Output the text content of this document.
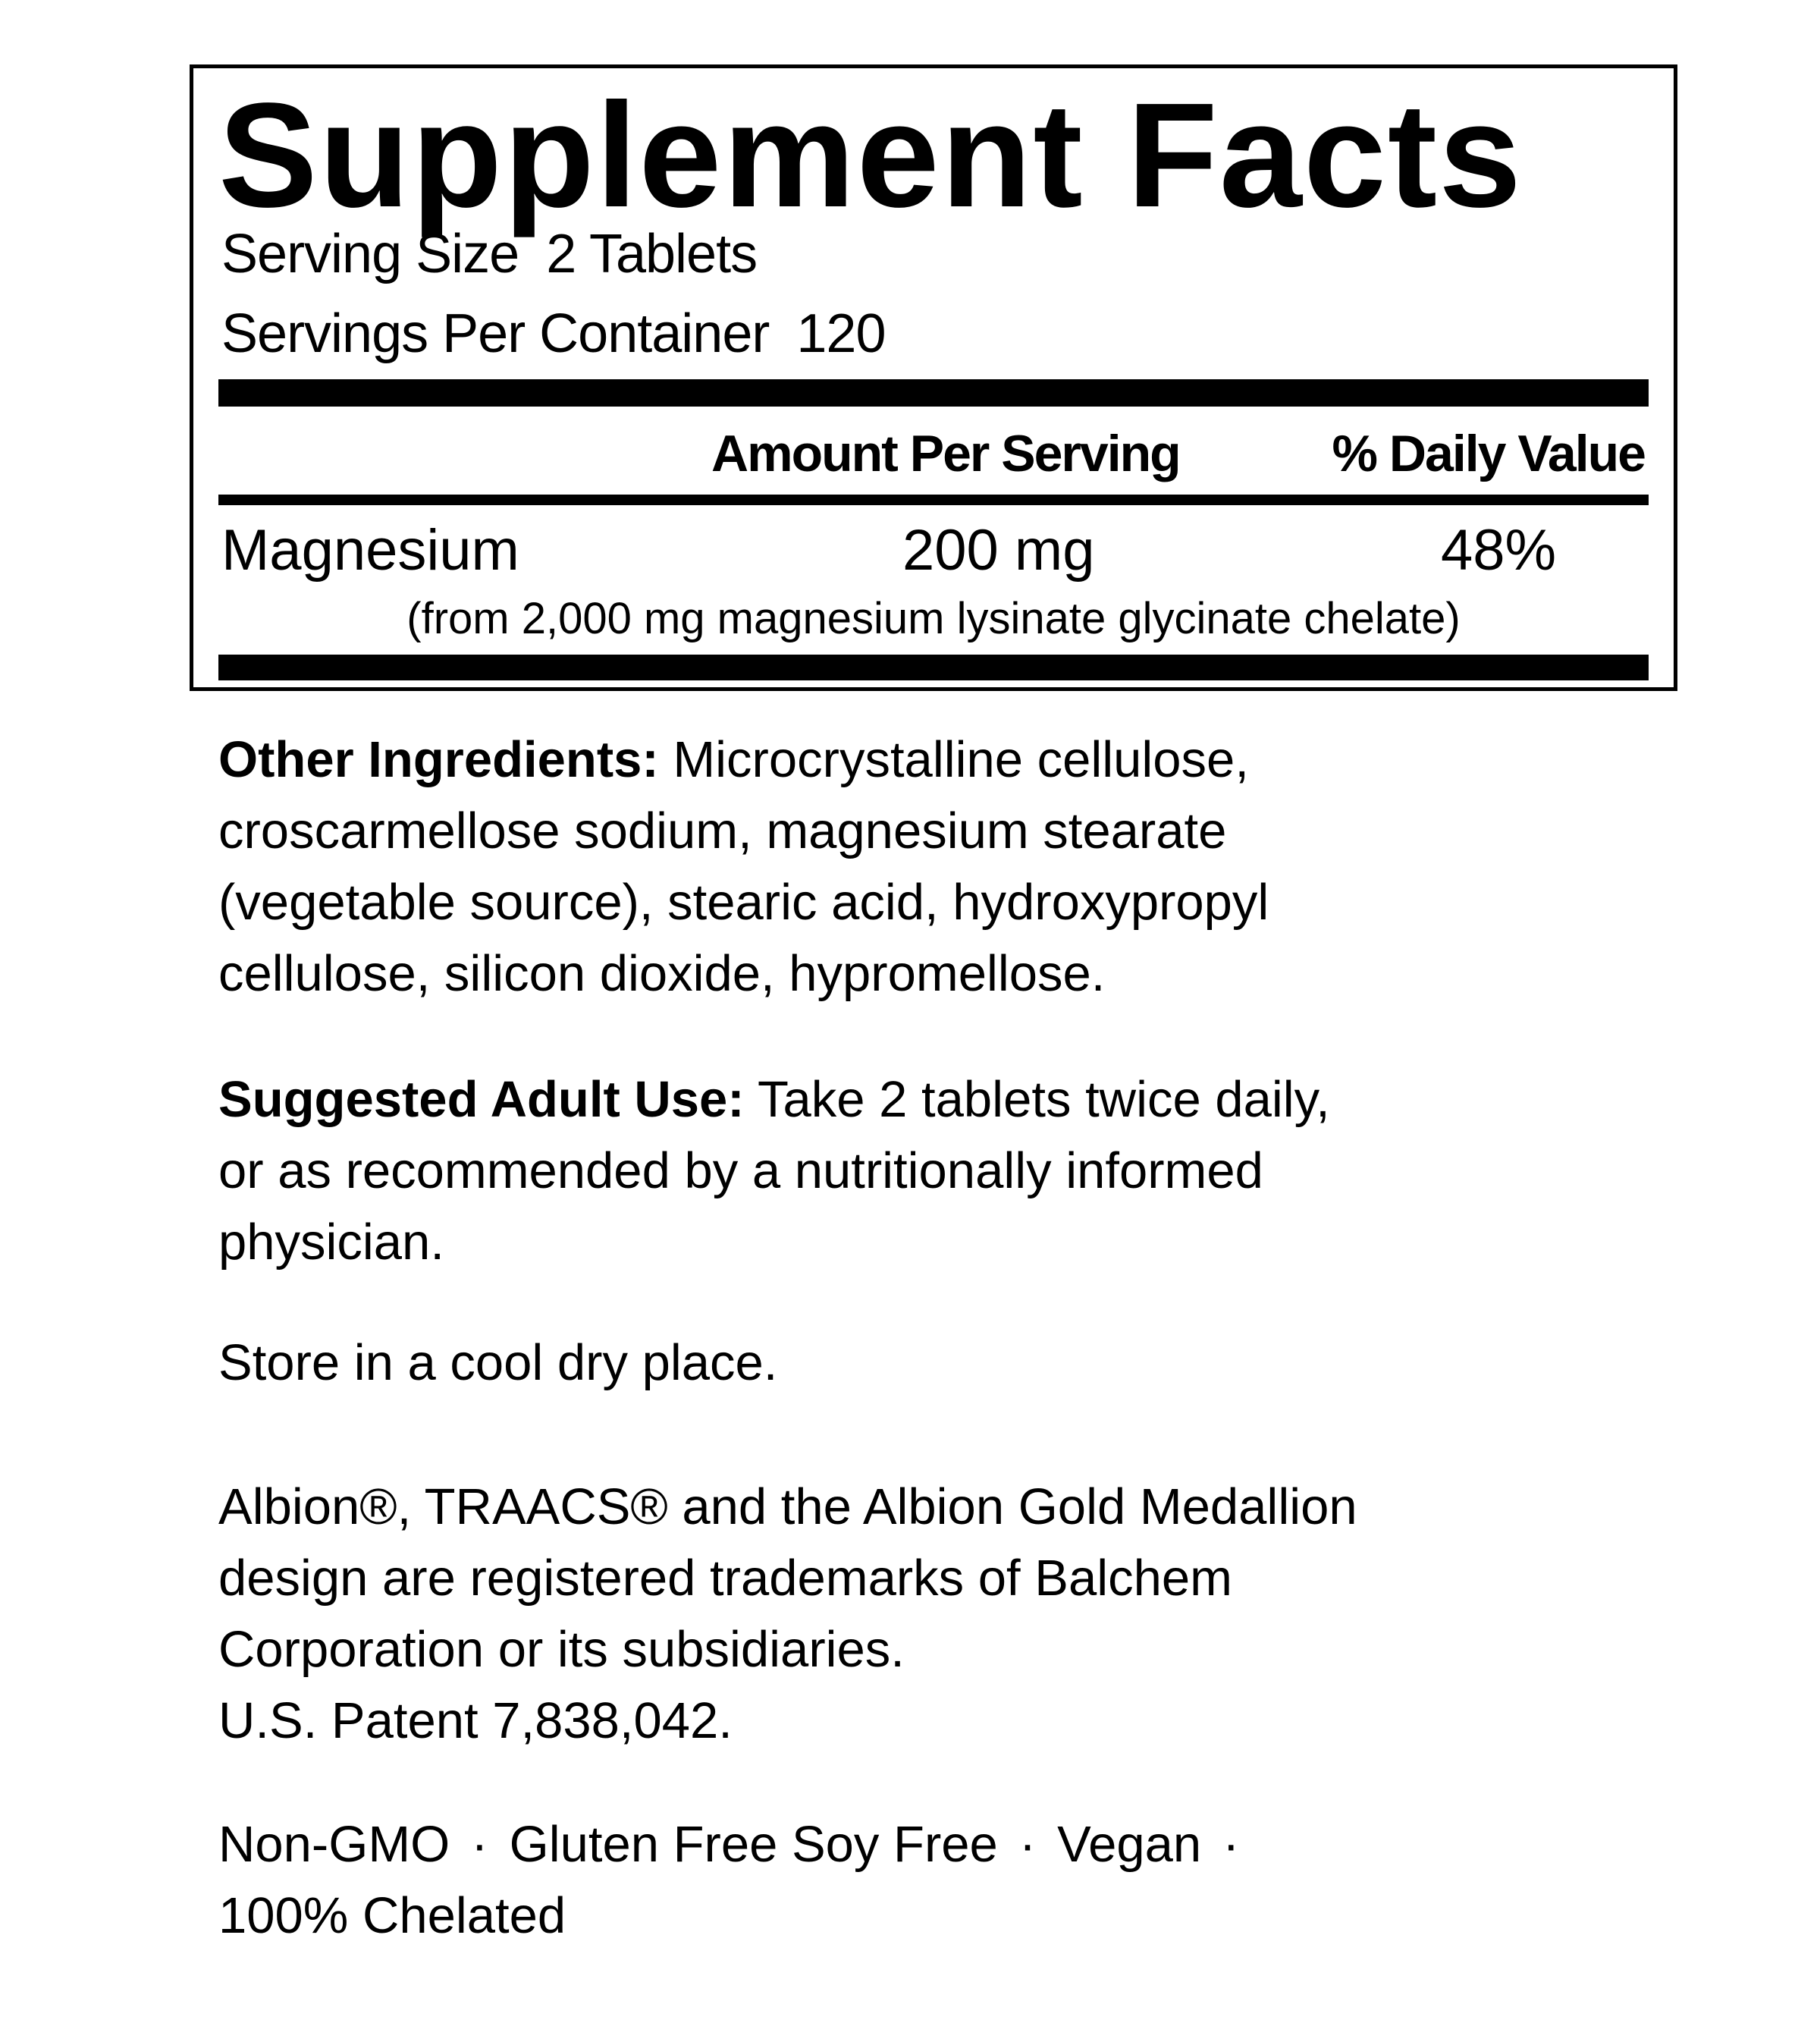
Supplement Facts
Serving Size 2 Tablets
Servings Per Container 120
Amount Per Serving	% Daily Value
Magnesium	200 mg	48%
(from 2,000 mg magnesium lysinate glycinate chelate)

Other Ingredients: Microcrystalline cellulose,
croscarmellose sodium, magnesium stearate
(vegetable source), stearic acid, hydroxypropyl
cellulose, silicon dioxide, hypromellose.

Suggested Adult Use: Take 2 tablets twice daily,
or as recommended by a nutritionally informed
physician.

Store in a cool dry place.

Albion®, TRAACS® and the Albion Gold Medallion
design are registered trademarks of Balchem
Corporation or its subsidiaries.
U.S. Patent 7,838,042.

Non-GMO · Gluten Free Soy Free · Vegan ·
100% Chelated
